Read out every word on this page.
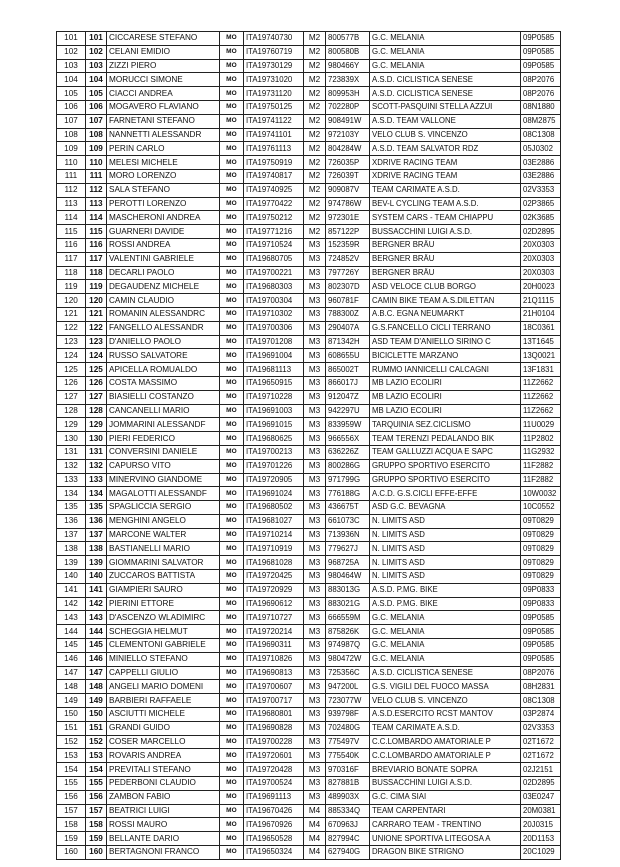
101	101	CICCARESE STEFANO	MO	ITA19740730	M2	800577B	G.C. MELANIA	09P0585
102	102	CELANI EMIDIO	MO	ITA19760719	M2	800580B	G.C. MELANIA	09P0585
103	103	ZIZZI PIERO	MO	ITA19730129	M2	980466Y	G.C. MELANIA	09P0585
104	104	MORUCCI SIMONE	MO	ITA19731020	M2	723839X	A.S.D. CICLISTICA SENESE	08P2076
105	105	CIACCI ANDREA	MO	ITA19731120	M2	809953H	A.S.D. CICLISTICA SENESE	08P2076
106	106	MOGAVERO FLAVIANO	MO	ITA19750125	M2	702280P	SCOTT-PASQUINI STELLA AZZUI	08N1880
107	107	FARNETANI STEFANO	MO	ITA19741122	M2	908491W	A.S.D. TEAM VALLONE	08M2875
108	108	NANNETTI ALESSANDR	MO	ITA19741101	M2	972103Y	VELO CLUB S. VINCENZO	08C1308
109	109	PERIN CARLO	MO	ITA19761113	M2	804284W	A.S.D. TEAM SALVATOR RDZ	05J0302
110	110	MELESI MICHELE	MO	ITA19750919	M2	726035P	XDRIVE RACING TEAM	03E2886
111	111	MORO LORENZO	MO	ITA19740817	M2	726039T	XDRIVE RACING TEAM	03E2886
112	112	SALA STEFANO	MO	ITA19740925	M2	909087V	TEAM CARIMATE A.S.D.	02V3353
113	113	PEROTTI LORENZO	MO	ITA19770422	M2	974786W	BEV-L CYCLING TEAM A.S.D.	02P3865
114	114	MASCHERONI ANDREA	MO	ITA19750212	M2	972301E	SYSTEM CARS - TEAM CHIAPPU	02K3685
115	115	GUARNERI DAVIDE	MO	ITA19771216	M2	857122P	BUSSACCHINI LUIGI A.S.D.	02D2895
116	116	ROSSI ANDREA	MO	ITA19710524	M3	152359R	BERGNER BRÄU	20X0303
117	117	VALENTINI GABRIELE	MO	ITA19680705	M3	724852V	BERGNER BRÄU	20X0303
118	118	DECARLI PAOLO	MO	ITA19700221	M3	797726Y	BERGNER BRÄU	20X0303
119	119	DEGAUDENZ MICHELE	MO	ITA19680303	M3	802307D	ASD VELOCE CLUB BORGO	20H0023
120	120	CAMIN CLAUDIO	MO	ITA19700304	M3	960781F	CAMIN BIKE TEAM A.S.DILETTAN	21Q1115
121	121	ROMANIN ALESSANDRC	MO	ITA19710302	M3	788300Z	A.B.C. EGNA NEUMARKT	21H0104
122	122	FANGELLO ALESSANDR	MO	ITA19700306	M3	290407A	G.S.FANCELLO CICLI TERRANO	18C0361
123	123	D'ANIELLO PAOLO	MO	ITA19701208	M3	871342H	ASD TEAM D'ANIELLO SIRINO C	13T1645
124	124	RUSSO SALVATORE	MO	ITA19691004	M3	608655U	BICICLETTE MARZANO	13Q0021
125	125	APICELLA ROMUALDO	MO	ITA19681113	M3	865002T	RUMMO IANNICELLI CALCAGNI	13F1831
126	126	COSTA MASSIMO	MO	ITA19650915	M3	866017J	MB LAZIO ECOLIRI	11Z2662
127	127	BIASIELLI COSTANZO	MO	ITA19710228	M3	912047Z	MB LAZIO ECOLIRI	11Z2662
128	128	CANCANELLI MARIO	MO	ITA19691003	M3	942297U	MB LAZIO ECOLIRI	11Z2662
129	129	JOMMARINI ALESSANDF	MO	ITA19691015	M3	833959W	TARQUINIA SEZ.CICLISMO	11U0029
130	130	PIERI FEDERICO	MO	ITA19680625	M3	966556X	TEAM TERENZI PEDALANDO BIK	11P2802
131	131	CONVERSINI DANIELE	MO	ITA19700213	M3	636226Z	TEAM GALLUZZI ACQUA E SAPC	11G2932
132	132	CAPURSO VITO	MO	ITA19701226	M3	800286G	GRUPPO SPORTIVO ESERCITO	11F2882
133	133	MINERVINO GIANDOME	MO	ITA19720905	M3	971799G	GRUPPO SPORTIVO ESERCITO	11F2882
134	134	MAGALOTTI ALESSANDF	MO	ITA19691024	M3	776188G	A.C.D. G.S.CICLI EFFE-EFFE	10W0032
135	135	SPAGLICCIA SERGIO	MO	ITA19680502	M3	436675T	ASD G.C. BEVAGNA	10C0552
136	136	MENGHINI ANGELO	MO	ITA19681027	M3	661073C	N. LIMITS ASD	09T0829
137	137	MARCONE WALTER	MO	ITA19710214	M3	713936N	N. LIMITS ASD	09T0829
138	138	BASTIANELLI MARIO	MO	ITA19710919	M3	779627J	N. LIMITS ASD	09T0829
139	139	GIOMMARINI SALVATOR	MO	ITA19681028	M3	968725A	N. LIMITS ASD	09T0829
140	140	ZUCCAROS BATTISTA	MO	ITA19720425	M3	980464W	N. LIMITS ASD	09T0829
141	141	GIAMPIERI SAURO	MO	ITA19720929	M3	883013G	A.S.D. P.MG. BIKE	09P0833
142	142	PIERINI ETTORE	MO	ITA19690612	M3	883021G	A.S.D. P.MG. BIKE	09P0833
143	143	D'ASCENZO WLADIMIRC	MO	ITA19710727	M3	666559M	G.C. MELANIA	09P0585
144	144	SCHEGGIA HELMUT	MO	ITA19720214	M3	875826K	G.C. MELANIA	09P0585
145	145	CLEMENTONI GABRIELE	MO	ITA19690311	M3	974987Q	G.C. MELANIA	09P0585
146	146	MINIELLO STEFANO	MO	ITA19710826	M3	980472W	G.C. MELANIA	09P0585
147	147	CAPPELLI GIULIO	MO	ITA19690813	M3	725356C	A.S.D. CICLISTICA SENESE	08P2076
148	148	ANGELI MARIO DOMENI	MO	ITA19700607	M3	947200L	G.S. VIGILI DEL FUOCO MASSA	08H2831
149	149	BARBIERI RAFFAELE	MO	ITA19700717	M3	723077W	VELO CLUB S. VINCENZO	08C1308
150	150	ASCIUTTI MICHELE	MO	ITA19680801	M3	939798F	A.S.D.ESERCITO RCST MANTOV	03P2874
151	151	GRANDI GUIDO	MO	ITA19690828	M3	702480G	TEAM CARIMATE A.S.D.	02V3353
152	152	COSER MARCELLO	MO	ITA19700228	M3	775497V	C.C.LOMBARDO AMATORIALE P	02T1672
153	153	ROVARIS ANDREA	MO	ITA19720601	M3	775540K	C.C.LOMBARDO AMATORIALE P	02T1672
154	154	PREVITALI STEFANO	MO	ITA19720428	M3	970316F	BREVIARIO BONATE SOPRA	02J2151
155	155	PEDERBONI CLAUDIO	MO	ITA19700524	M3	827881B	BUSSACCHINI LUIGI A.S.D.	02D2895
156	156	ZAMBON FABIO	MO	ITA19691113	M3	489903X	G.C. CIMA SIAI	03E0247
157	157	BEATRICI LUIGI	MO	ITA19670426	M4	885334Q	TEAM CARPENTARI	20M0381
158	158	ROSSI MAURO	MO	ITA19670926	M4	670963J	CARRARO TEAM - TRENTINO	20J0315
159	159	BELLANTE DARIO	MO	ITA19650528	M4	827994C	UNIONE SPORTIVA LITEGOSA A	20D1153
160	160	BERTAGNONI FRANCO	MO	ITA19650324	M4	627940G	DRAGON BIKE STRIGNO	20C1029
